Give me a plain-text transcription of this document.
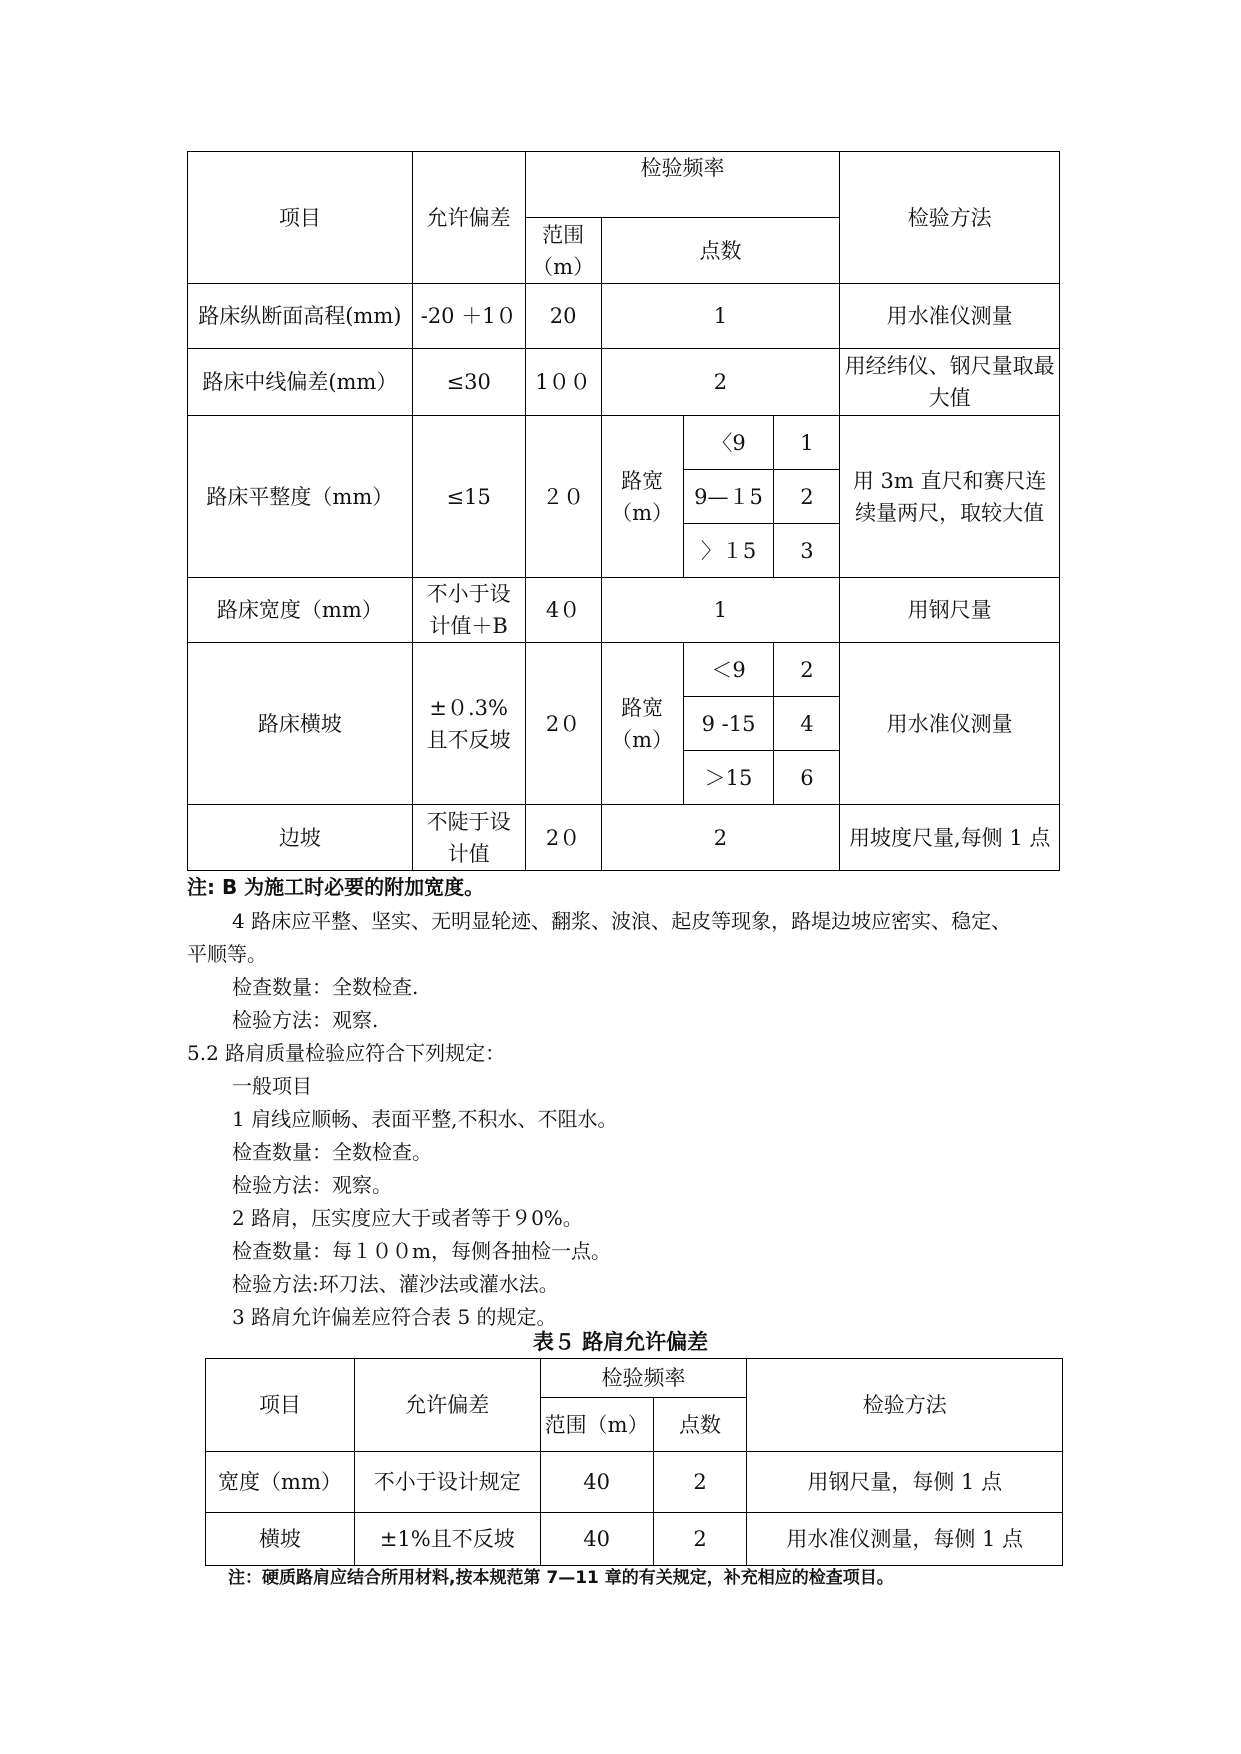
项目	允许偏差	检验频率				检验方法
		范围（m）	点数			
路床纵断面高程(mm)	-20 ＋1０	20	1			用水准仪测量
路床中线偏差(mm）	≤30	1００	2			用经纬仪、钢尺量取最大值
路床平整度（mm）	≤15	２０	路宽（m）	〈9	1	用 3m 直尺和赛尺连续量两尺，取较大值
				9—１5	2	
				〉１5	3	
路床宽度（mm）	不小于设计值＋B	4０	1			用钢尺量
路床横坡	±０.3% 且不反坡	2０	路宽（m）	＜9	2	用水准仪测量
				9 -15	4	
				＞15	6	
边坡	不陡于设计值	2０	2			用坡度尺量,每侧 1 点
注: B 为施工时必要的附加宽度。
4 路床应平整、坚实、无明显轮迹、翻浆、波浪、起皮等现象，路堤边坡应密实、稳定、
平顺等。
检查数量：全数检查.
检验方法：观察.
5.2 路肩质量检验应符合下列规定：
一般项目
1 肩线应顺畅、表面平整,不积水、不阻水。
检查数量：全数检查。
检验方法：观察。
2 路肩，压实度应大于或者等于９0%。
检查数量：每１００m，每侧各抽检一点。
检验方法:环刀法、灌沙法或灌水法。
3 路肩允许偏差应符合表 5 的规定。
表５ 路肩允许偏差
项目	允许偏差	检验频率		检验方法
		范围（m）	点数	
宽度（mm）	不小于设计规定	40	2	用钢尺量，每侧 1 点
横坡	±1%且不反坡	40	2	用水准仪测量，每侧 1 点
注：硬质路肩应结合所用材料,按本规范第 7—11 章的有关规定，补充相应的检查项目。
